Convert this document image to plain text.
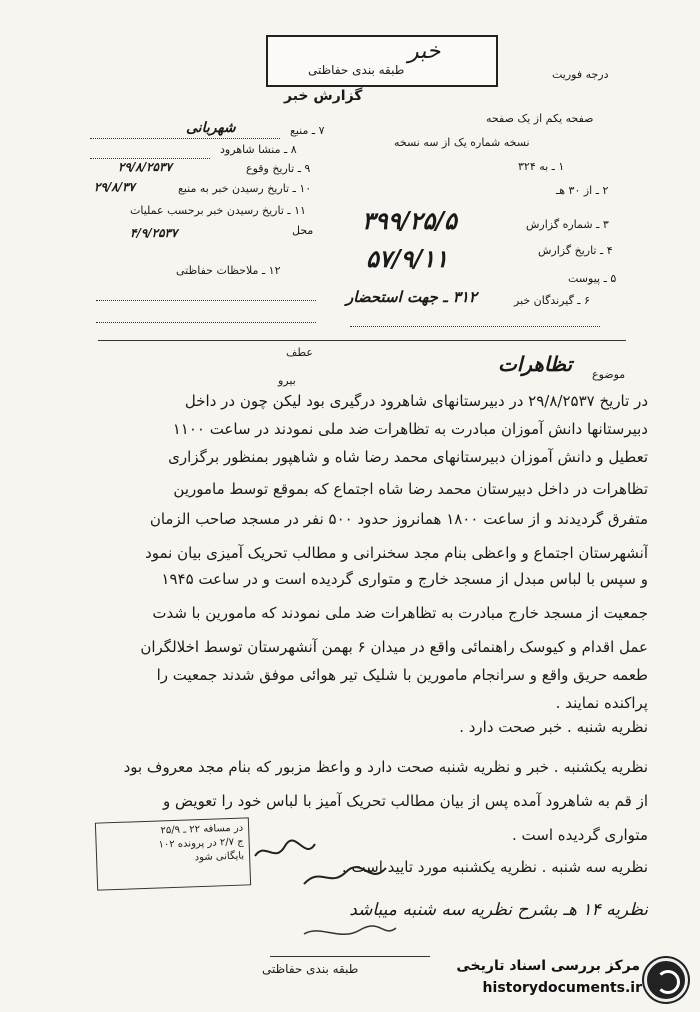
خبر
طبقه بندی حفاظتی
گزارش خبر
درجه فوریت
۷ ـ منبع
شهربانی
۸ ـ منشا شاهرود
۹ ـ تاریخ وقوع
۲۹/۸/۲۵۳۷
۱۰ ـ تاریخ رسیدن خبر به منبع
۲۹/۸/۳۷
۱۱ ـ تاریخ رسیدن خبر برحسب عملیات
محل
۴/۹/۲۵۳۷
۱۲ ـ ملاحظات حفاظتی
صفحه یکم از یک صفحه
نسخه شماره یک از سه نسخه
۱ ـ به ۳۲۴
۲ ـ از ۳۰ هـ
۳ ـ شماره گزارش
۳۹۹/۲۵/۵
۴ ـ تاریخ گزارش
۵۷/۹/۱۱
۵ ـ پیوست
۶ ـ گیرندگان خبر
۳۱۲ ـ جهت استحضار
موضوع
تظاهرات
عطف
بیرو
در تاریخ ۲۹/۸/۲۵۳۷ در دبیرستانهای شاهرود درگیری بود لیکن چون در داخل
دبیرستانها دانش آموزان مبادرت به تظاهرات ضد ملی نمودند در ساعت ۱۱۰۰
تعطیل و دانش آموزان دبیرستانهای محمد رضا شاه و شاهپور بمنظور برگزاری
تظاهرات در داخل دبیرستان محمد رضا شاه اجتماع که بموقع توسط مامورین
متفرق گردیدند و از ساعت ۱۸۰۰ همانروز حدود ۵۰۰ نفر در مسجد صاحب الزمان
آنشهرستان اجتماع و واعظی بنام مجد سخنرانی و مطالب تحریک آمیزی بیان نمود
و سپس با لباس مبدل از مسجد خارج و متواری گردیده است و در ساعت ۱۹۴۵
جمعیت از مسجد خارج مبادرت به تظاهرات ضد ملی نمودند که مامورین با شدت
عمل اقدام و کیوسک راهنمائی واقع در میدان ۶ بهمن آنشهرستان توسط اخلالگران
طعمه حریق واقع و سرانجام مامورین با شلیک تیر هوائی موفق شدند جمعیت را
پراکنده نمایند .
نظریه شنبه . خبر صحت دارد .
نظریه یکشنبه . خبر و نظریه شنبه صحت دارد و واعظ مزبور که بنام مجد معروف بود
از قم به شاهرود آمده پس از بیان مطالب تحریک آمیز با لباس خود را تعویض و
متواری گردیده است .
نظریه سه شنبه . نظریه یکشنبه مورد تایید است .
نظریه ۱۴ هـ بشرح نظریه سه شنبه میباشد
در مسافه ۲۲ ـ ۲۵/۹
ج ۲/۷ در پرونده ۱۰۲
بایگانی شود
طبقه بندی حفاظتی	مرکز بررسی اسناد تاریخی
historydocuments.ir
